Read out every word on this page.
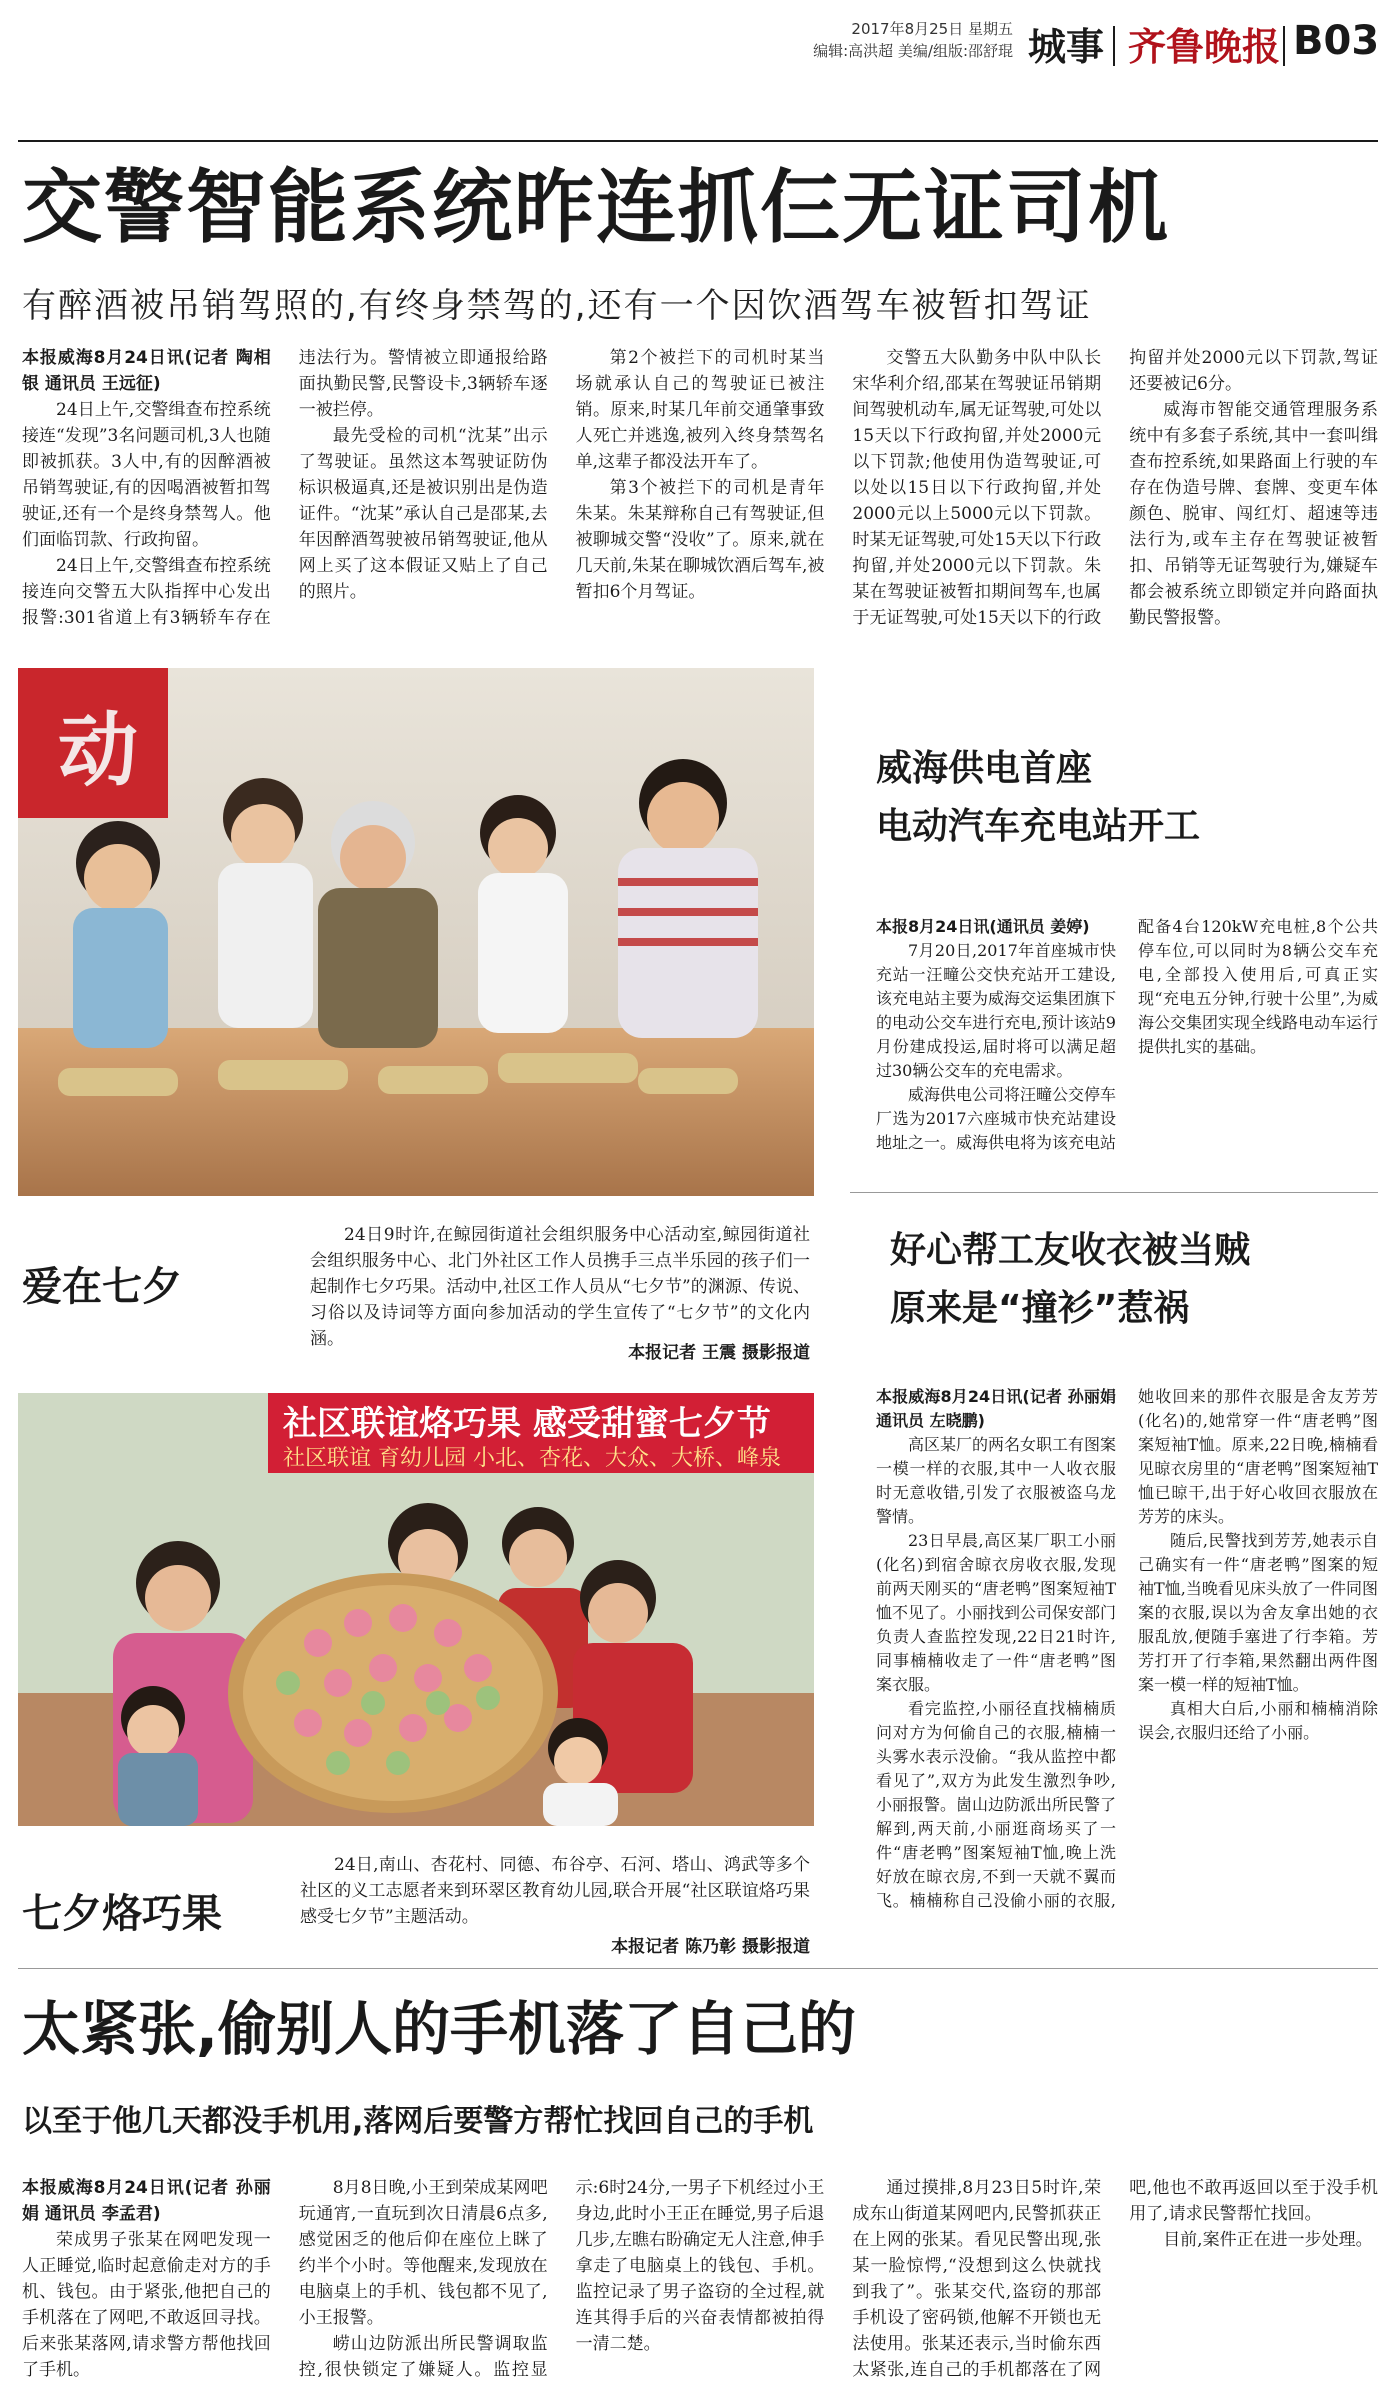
2017年8月25日 星期五
编辑:高洪超 美编/组版:邵舒琨 城事 齐鲁晚报 B03
交警智能系统昨连抓仨无证司机
有醉酒被吊销驾照的,有终身禁驾的,还有一个因饮酒驾车被暂扣驾证

本报威海8月24日讯(记者 陶相银 通讯员 王远征)

24日上午,交警缉查布控系统接连“发现”3名问题司机,3人也随即被抓获。3人中,有的因醉酒被吊销驾驶证,有的因喝酒被暂扣驾驶证,还有一个是终身禁驾人。他们面临罚款、行政拘留。

24日上午,交警缉查布控系统接连向交警五大队指挥中心发出报警:301省道上有3辆轿车存在违法行为。警情被立即通报给路面执勤民警,民警设卡,3辆轿车逐一被拦停。

最先受检的司机“沈某”出示了驾驶证。虽然这本驾驶证防伪标识极逼真,还是被识别出是伪造证件。“沈某”承认自己是邵某,去年因醉酒驾驶被吊销驾驶证,他从网上买了这本假证又贴上了自己的照片。

第2个被拦下的司机时某当场就承认自己的驾驶证已被注销。原来,时某几年前交通肇事致人死亡并逃逸,被列入终身禁驾名单,这辈子都没法开车了。

第3个被拦下的司机是青年朱某。朱某辩称自己有驾驶证,但被聊城交警“没收”了。原来,就在几天前,朱某在聊城饮酒后驾车,被暂扣6个月驾证。

交警五大队勤务中队中队长宋华利介绍,邵某在驾驶证吊销期间驾驶机动车,属无证驾驶,可处以15天以下行政拘留,并处2000元以下罚款;他使用伪造驾驶证,可以处以15日以下行政拘留,并处2000元以上5000元以下罚款。时某无证驾驶,可处15天以下行政拘留,并处2000元以下罚款。朱某在驾驶证被暂扣期间驾车,也属于无证驾驶,可处15天以下的行政拘留并处2000元以下罚款,驾证还要被记6分。

威海市智能交通管理服务系统中有多套子系统,其中一套叫缉查布控系统,如果路面上行驶的车存在伪造号牌、套牌、变更车体颜色、脱审、闯红灯、超速等违法行为,或车主存在驾驶证被暂扣、吊销等无证驾驶行为,嫌疑车都会被系统立即锁定并向路面执勤民警报警。

动
爱在七夕

24日9时许,在鲸园街道社会组织服务中心活动室,鲸园街道社会组织服务中心、北门外社区工作人员携手三点半乐园的孩子们一起制作七夕巧果。活动中,社区工作人员从“七夕节”的渊源、传说、习俗以及诗词等方面向参加活动的学生宣传了“七夕节”的文化内涵。

本报记者 王震 摄影报道
社区联谊烙巧果 感受甜蜜七夕节
社区联谊 育幼儿园 小北、杏花、大众、大桥、峰泉
七夕烙巧果

24日,南山、杏花村、同德、布谷亭、石河、塔山、鸿武等多个社区的义工志愿者来到环翠区教育幼儿园,联合开展“社区联谊烙巧果 感受七夕节”主题活动。

本报记者 陈乃彰 摄影报道
威海供电首座
电动汽车充电站开工

本报8月24日讯(通讯员 姜婷)

7月20日,2017年首座城市快充站一汪疃公交快充站开工建设,该充电站主要为威海交运集团旗下的电动公交车进行充电,预计该站9月份建成投运,届时将可以满足超过30辆公交车的充电需求。

威海供电公司将汪疃公交停车厂选为2017六座城市快充站建设地址之一。威海供电将为该充电站配备4台120kW充电桩,8个公共停车位,可以同时为8辆公交车充电,全部投入使用后,可真正实现“充电五分钟,行驶十公里”,为威海公交集团实现全线路电动车运行提供扎实的基础。

好心帮工友收衣被当贼
原来是“撞衫”惹祸

本报威海8月24日讯(记者 孙丽娟 通讯员 左晓鹏)

高区某厂的两名女职工有图案一模一样的衣服,其中一人收衣服时无意收错,引发了衣服被盗乌龙警情。

23日早晨,高区某厂职工小丽(化名)到宿舍晾衣房收衣服,发现前两天刚买的“唐老鸭”图案短袖T恤不见了。小丽找到公司保安部门负责人查监控发现,22日21时许,同事楠楠收走了一件“唐老鸭”图案衣服。

看完监控,小丽径直找楠楠质问对方为何偷自己的衣服,楠楠一头雾水表示没偷。“我从监控中都看见了”,双方为此发生激烈争吵,小丽报警。崮山边防派出所民警了解到,两天前,小丽逛商场买了一件“唐老鸭”图案短袖T恤,晚上洗好放在晾衣房,不到一天就不翼而飞。楠楠称自己没偷小丽的衣服,她收回来的那件衣服是舍友芳芳(化名)的,她常穿一件“唐老鸭”图案短袖T恤。原来,22日晚,楠楠看见晾衣房里的“唐老鸭”图案短袖T恤已晾干,出于好心收回衣服放在芳芳的床头。

随后,民警找到芳芳,她表示自己确实有一件“唐老鸭”图案的短袖T恤,当晚看见床头放了一件同图案的衣服,误以为舍友拿出她的衣服乱放,便随手塞进了行李箱。芳芳打开了行李箱,果然翻出两件图案一模一样的短袖T恤。

真相大白后,小丽和楠楠消除误会,衣服归还给了小丽。

太紧张,偷别人的手机落了自己的
以至于他几天都没手机用,落网后要警方帮忙找回自己的手机

本报威海8月24日讯(记者 孙丽娟 通讯员 李孟君)

荣成男子张某在网吧发现一人正睡觉,临时起意偷走对方的手机、钱包。由于紧张,他把自己的手机落在了网吧,不敢返回寻找。后来张某落网,请求警方帮他找回了手机。

8月8日晚,小王到荣成某网吧玩通宵,一直玩到次日清晨6点多,感觉困乏的他后仰在座位上眯了约半个小时。等他醒来,发现放在电脑桌上的手机、钱包都不见了,小王报警。

崂山边防派出所民警调取监控,很快锁定了嫌疑人。监控显示:6时24分,一男子下机经过小王身边,此时小王正在睡觉,男子后退几步,左瞧右盼确定无人注意,伸手拿走了电脑桌上的钱包、手机。监控记录了男子盗窃的全过程,就连其得手后的兴奋表情都被拍得一清二楚。

通过摸排,8月23日5时许,荣成东山街道某网吧内,民警抓获正在上网的张某。看见民警出现,张某一脸惊愕,“没想到这么快就找到我了”。张某交代,盗窃的那部手机设了密码锁,他解不开锁也无法使用。张某还表示,当时偷东西太紧张,连自己的手机都落在了网吧,他也不敢再返回以至于没手机用了,请求民警帮忙找回。

目前,案件正在进一步处理。
